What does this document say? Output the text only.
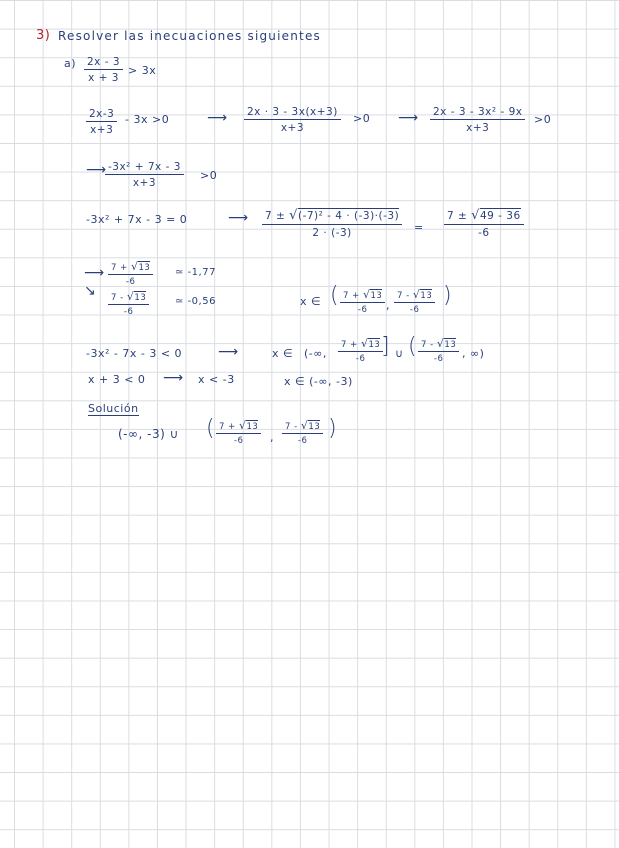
3) Resolver las inecuaciones siguientes
a) 2x - 3
x + 3
> 3x
2x-3
x+3
- 3x >0	⟶ 2x · 3 - 3x(x+3)
x+3
>0 ⟶ 2x - 3 - 3x² - 9x
x+3
>0
⟶ -3x² + 7x - 3
x+3
>0
-3x² + 7x - 3 = 0	⟶ 7 ± √(-7)² - 4 · (-3)·(-3)
2 · (-3)	=
7 ± √49 - 36
-6
⟶ 7 + √13
-6
≃ -1,77
↘	7 - √13
-6
≃ -0,56	x ∈ ( 7 + √13
-6 ,
7 - √13
-6
)
-3x² - 7x - 3 < 0	⟶	x ∈ (-∞,
7 + √13
-6 ] ∪ ( 7 - √13
-6 , ∞)
x + 3 < 0 ⟶ x < -3	x ∈ (-∞, -3)
Solución
(-∞, -3) ∪ ( 7 + √13
-6 ,
7 - √13
-6 )
